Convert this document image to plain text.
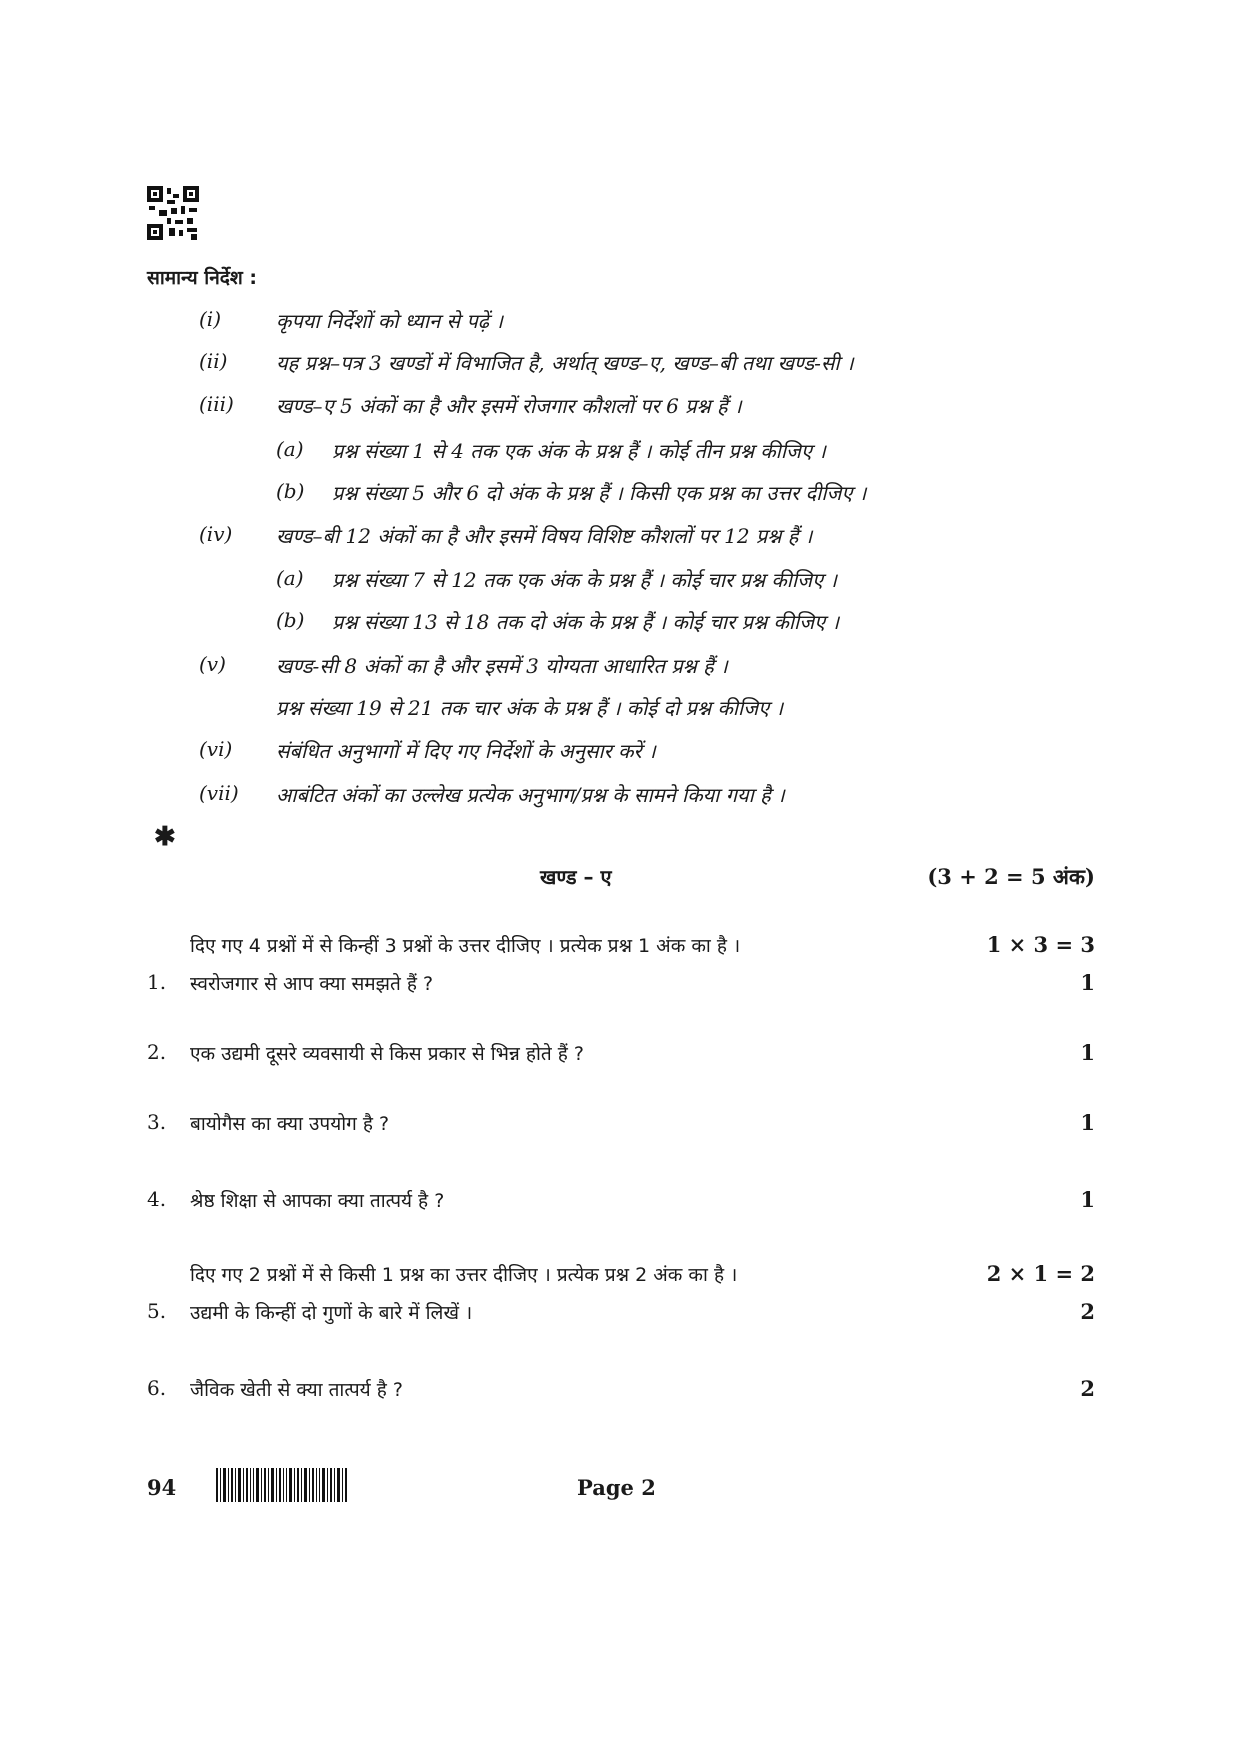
सामान्य निर्देश :
(i)	कृपया निर्देशों को ध्यान से पढ़ें ।
(ii) यह प्रश्न–पत्र 3 खण्डों में विभाजित है, अर्थात् खण्ड–ए, खण्ड–बी तथा खण्ड-सी ।
(iii) खण्ड–ए 5 अंकों का है और इसमें रोजगार कौशलों पर 6 प्रश्न हैं ।
(a) प्रश्न संख्या 1 से 4 तक एक अंक के प्रश्न हैं । कोई तीन प्रश्न कीजिए ।
(b) प्रश्न संख्या 5 और 6 दो अंक के प्रश्न हैं । किसी एक प्रश्न का उत्तर दीजिए ।
(iv) खण्ड–बी 12 अंकों का है और इसमें विषय विशिष्ट कौशलों पर 12 प्रश्न हैं ।
(a) प्रश्न संख्या 7 से 12 तक एक अंक के प्रश्न हैं । कोई चार प्रश्न कीजिए ।
(b) प्रश्न संख्या 13 से 18 तक दो अंक के प्रश्न हैं । कोई चार प्रश्न कीजिए ।
(v)	खण्ड-सी 8 अंकों का है और इसमें 3 योग्यता आधारित प्रश्न हैं ।
प्रश्न संख्या 19 से 21 तक चार अंक के प्रश्न हैं । कोई दो प्रश्न कीजिए ।
(vi) संबंधित अनुभागों में दिए गए निर्देशों के अनुसार करें ।
(vii) आबंटित अंकों का उल्लेख प्रत्येक अनुभाग/प्रश्न के सामने किया गया है ।
✱
खण्ड – ए	(3 + 2 = 5 अंक)
दिए गए 4 प्रश्नों में से किन्हीं 3 प्रश्नों के उत्तर दीजिए । प्रत्येक प्रश्न 1 अंक का है ।	1 × 3 = 3
1. स्वरोजगार से आप क्या समझते हैं ?	1
2. एक उद्यमी दूसरे व्यवसायी से किस प्रकार से भिन्न होते हैं ?	1
3. बायोगैस का क्या उपयोग है ?	1
4. श्रेष्ठ शिक्षा से आपका क्या तात्पर्य है ?	1
दिए गए 2 प्रश्नों में से किसी 1 प्रश्न का उत्तर दीजिए । प्रत्येक प्रश्न 2 अंक का है ।	2 × 1 = 2
5. उद्यमी के किन्हीं दो गुणों के बारे में लिखें ।	2
6. जैविक खेती से क्या तात्पर्य है ?	2
94	Page 2
